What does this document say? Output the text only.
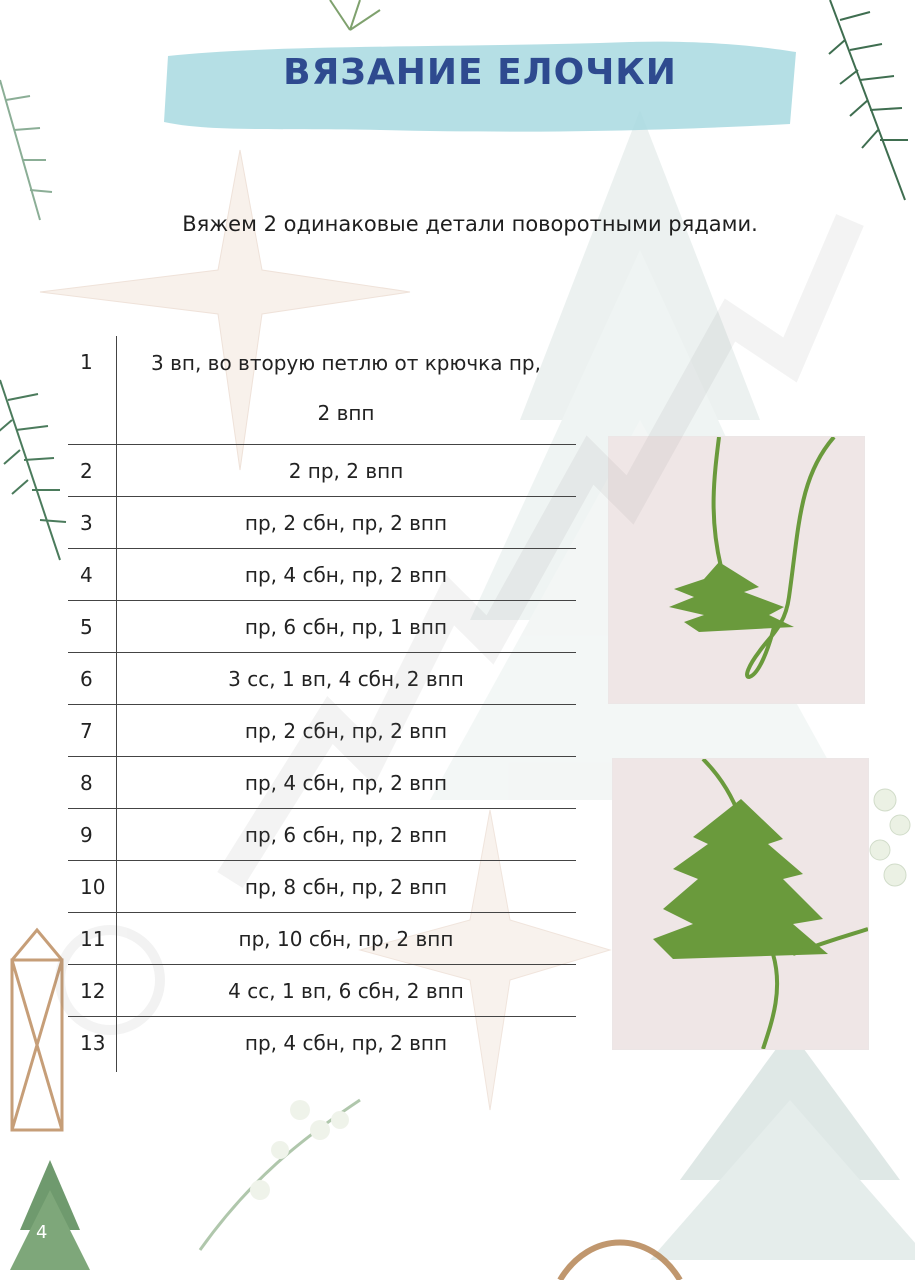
ВЯЗАНИЕ ЕЛОЧКИ
Вяжем 2 одинаковые детали поворотными рядами.
1	3 вп, во вторую петлю от крючка пр,
2 впп
2	2 пр, 2 впп
3	пр, 2 сбн, пр, 2 впп
4	пр, 4 сбн, пр, 2 впп
5	пр, 6 сбн, пр, 1 впп
6	3 сс, 1 вп, 4 сбн, 2 впп
7	пр, 2 сбн, пр, 2 впп
8	пр, 4 сбн, пр, 2 впп
9	пр, 6 сбн, пр, 2 впп
10	пр, 8 сбн, пр, 2 впп
11	пр, 10 сбн, пр, 2 впп
12	4 сс, 1 вп, 6 сбн, 2 впп
13	пр, 4 сбн, пр, 2 впп
4
